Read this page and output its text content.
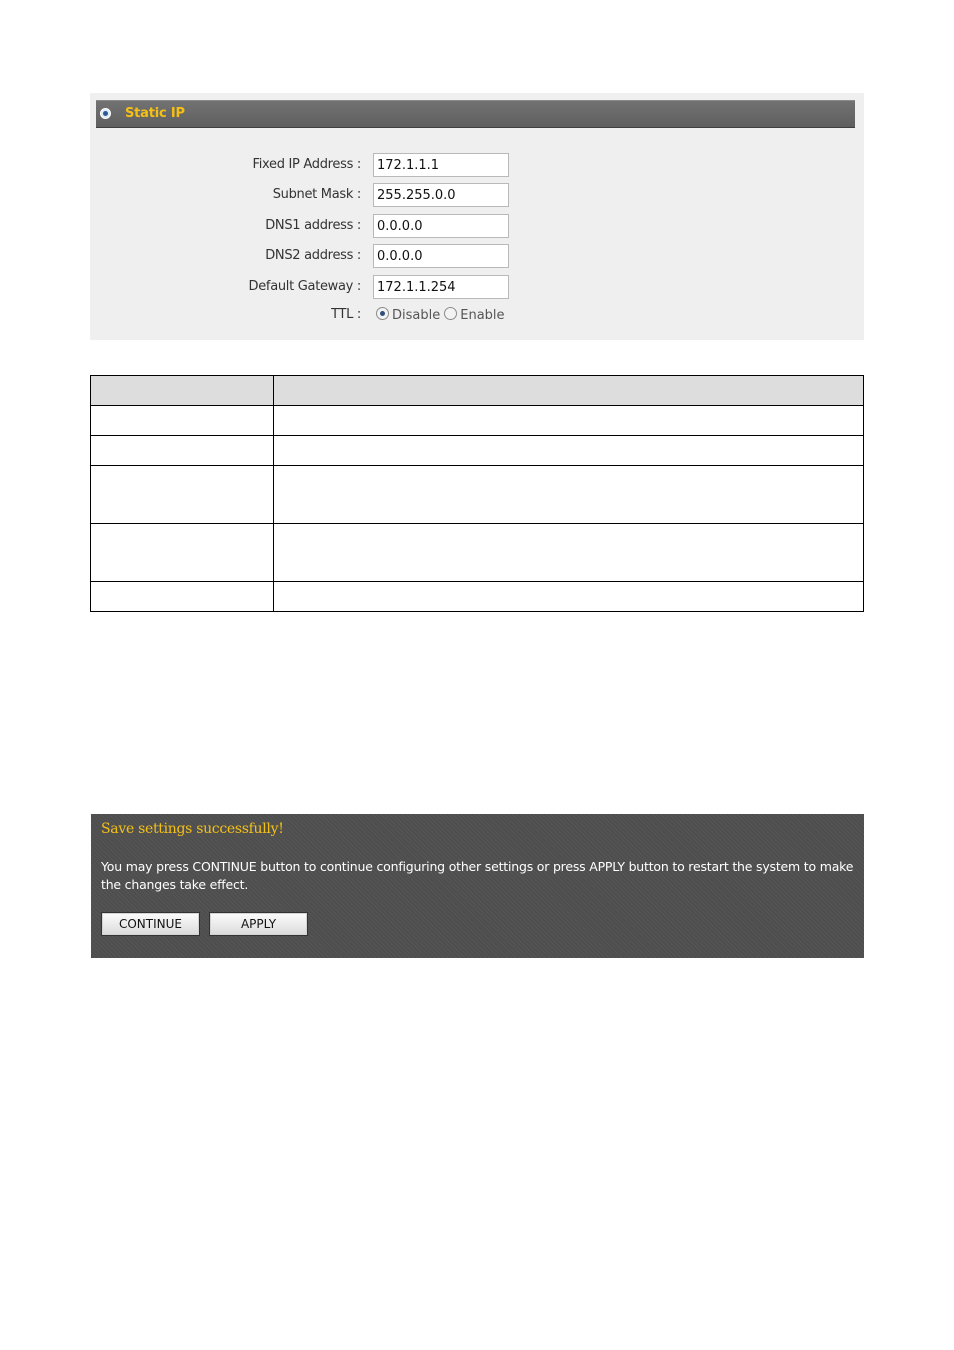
Static IP
Fixed IP Address :
172.1.1.1
Subnet Mask :
255.255.0.0
DNS1 address :
0.0.0.0
DNS2 address :
0.0.0.0
Default Gateway :
172.1.1.254
TTL :	Disable Enable

Save settings successfully!
You may press CONTINUE button to continue configuring other settings or press APPLY button to restart the system to make the changes take effect.
CONTINUE	APPLY
